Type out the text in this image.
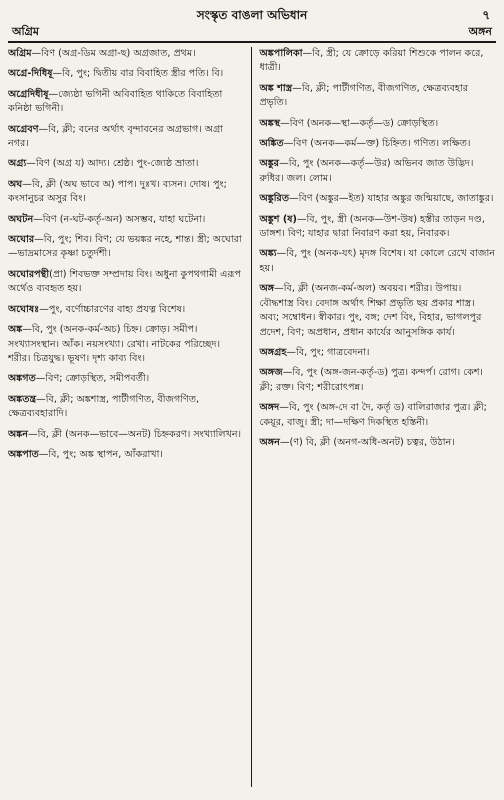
সংস্কৃত বাঙলা অভিধান	৭
অগ্রিম	অঙ্গন
অগ্রিম—বিণ (অগ্র-ডিম অগ্রা-ছ) অগ্রজাত, প্রথম।
অগ্রে-দিধিষূ—বি, পুং; দ্বিতীয় বার বিবাহিত স্ত্রীর পতি। বি।
অগ্রেদিধীষূ—জ্যেষ্ঠা ভগিনী অবিবাহিত থাকিতে বিবাহিতা কনিষ্ঠা ভগিনী।
অগ্রেবণ—বি, ক্লী; বনের অর্থাৎ বৃন্দাবনের অগ্রভাগ। অগ্রা নগর।
অগ্র্য—বিণ (অগ্র য) আদ্য। শ্রেষ্ঠ। পুং-জ্যেষ্ঠ ভ্রাতা।
অঘ—বি, ক্লী (অঘ ভাবে অ) পাপ। দুঃখ। ব্যসন। দোষ। পুং; কংসানুচর অসুর বিং।
অঘটন—বিণ (ন-ঘট-কর্তৃ-অন) অসম্ভব, যাহা ঘটেনা।
অঘোর—বি, পুং; শিব। বিণ; যে ভয়ঙ্কর নহে, শান্ত। স্ত্রী; অঘোরা—ভাদ্রমাসের কৃষ্ণা চতুর্দশী।
অঘোরপন্থী(প্রা) শিবভক্ত সম্প্রদায় বিং। অধুনা কুপথগামী এরূপ অর্থেও ব্যবহৃত হয়।
অঘোষঃ—পুং, বর্ণোচ্চারণের বাহ্য প্রযত্ন বিশেষ।
অঙ্ক—বি, পুং (অনক-কর্ম-অচ) চিহ্ন। ক্রোড়। সমীপ। সংখ্যাসংস্থান। আঁক। নয়সংখ্যা। রেখা। নাটকের পরিচ্ছেদ। শরীর। চিত্রযুদ্ধ। ভূষণ। দৃশ্য কাব্য বিং।
অঙ্কগত—বিণ; ক্রোড়স্থিত, সমীপবর্তী।
অঙ্কতন্ত্র—বি, ক্লী; অঙ্কশাস্ত্র, পাটীগণিত, বীজগণিত, ক্ষেত্রব্যবহারাদি।
অঙ্কন—বি, ক্লী (অনক—ভাবে—অনট) চিহ্নকরণ। সংখ্যালিখন।
অঙ্কপাত—বি, পুং; অঙ্ক স্থাপন, আঁকরাখা।
অঙ্কপালিকা—বি, স্ত্রী; যে ক্রোড়ে করিয়া শিশুকে পালন করে, ধাত্রী।
অঙ্ক শাস্ত্র—বি, ক্লী; পাটীগণিত, বীজগণিত, ক্ষেত্রব্যবহার প্রভৃতি।
অঙ্কস্থ—বিণ (অনক—স্থা—কর্তৃ—ড) ক্রোড়স্থিত।
অঙ্কিত—বিণ (অনক—কর্ম—ক্ত) চিহ্নিত। গণিত। লক্ষিত।
অঙ্কুর—বি, পুং (অনক—কর্তৃ—উর) অভিনব জাত উদ্ভিদ। রুধির। জল। লোম।
অঙ্কুরিত—বিণ (অঙ্কুর—ইত) যাহার অঙ্কুর জন্মিয়াছে, জাতাঙ্কুর।
অঙ্কুশ (ষ)—বি, পুং, স্ত্রী (অনক—উশ-উষ) হস্তীর তাড়ন দণ্ড, ডাঙ্গশ। বিণ; যাহার দ্বারা নিবারণ করা হয়, নিবারক।
অঙ্ক্য—বি, পুং (অনক-যৎ) মৃদঙ্গ বিশেষ। যা কোলে রেখে বাজান হয়।
অঙ্গ—বি, ক্লী (অনজ-কর্ম-অল) অবয়ব। শরীর। উপায়। বৌদ্ধশাস্ত্র বিং। বেদাঙ্গ অর্থাৎ শিক্ষা প্রভৃতি ছয় প্রকার শাস্ত্র। অব্য; সম্বোধন। স্বীকার। পুং, বঙ্গ; দেশ বিং, বিহার, ভাগলপুর প্রদেশ, বিণ; অপ্রধান, প্রধান কার্যের আনুসঙ্গিক কার্য।
অঙ্গগ্রহ—বি, পুং; গাত্রবেদনা।
অঙ্গজ—বি, পুং (অঙ্গ-জন-কর্তৃ-ড) পুত্র। কন্দর্প। রোগ। কেশ। ক্লী; রক্ত। বিণ; শরীরোৎপন্ন।
অঙ্গদ—বি, পুং (অঙ্গ-দে বা দৈ, কর্তৃ ড) বালিরাজার পুত্র। ক্লী; কেয়ূর, বাজু। স্ত্রী; দা—দক্ষিণ দিকস্থিত হস্তিনী।
অঙ্গন—(ণ) বি, ক্লী (অনগ-অধি-অনট) চত্বর, উঠান।
